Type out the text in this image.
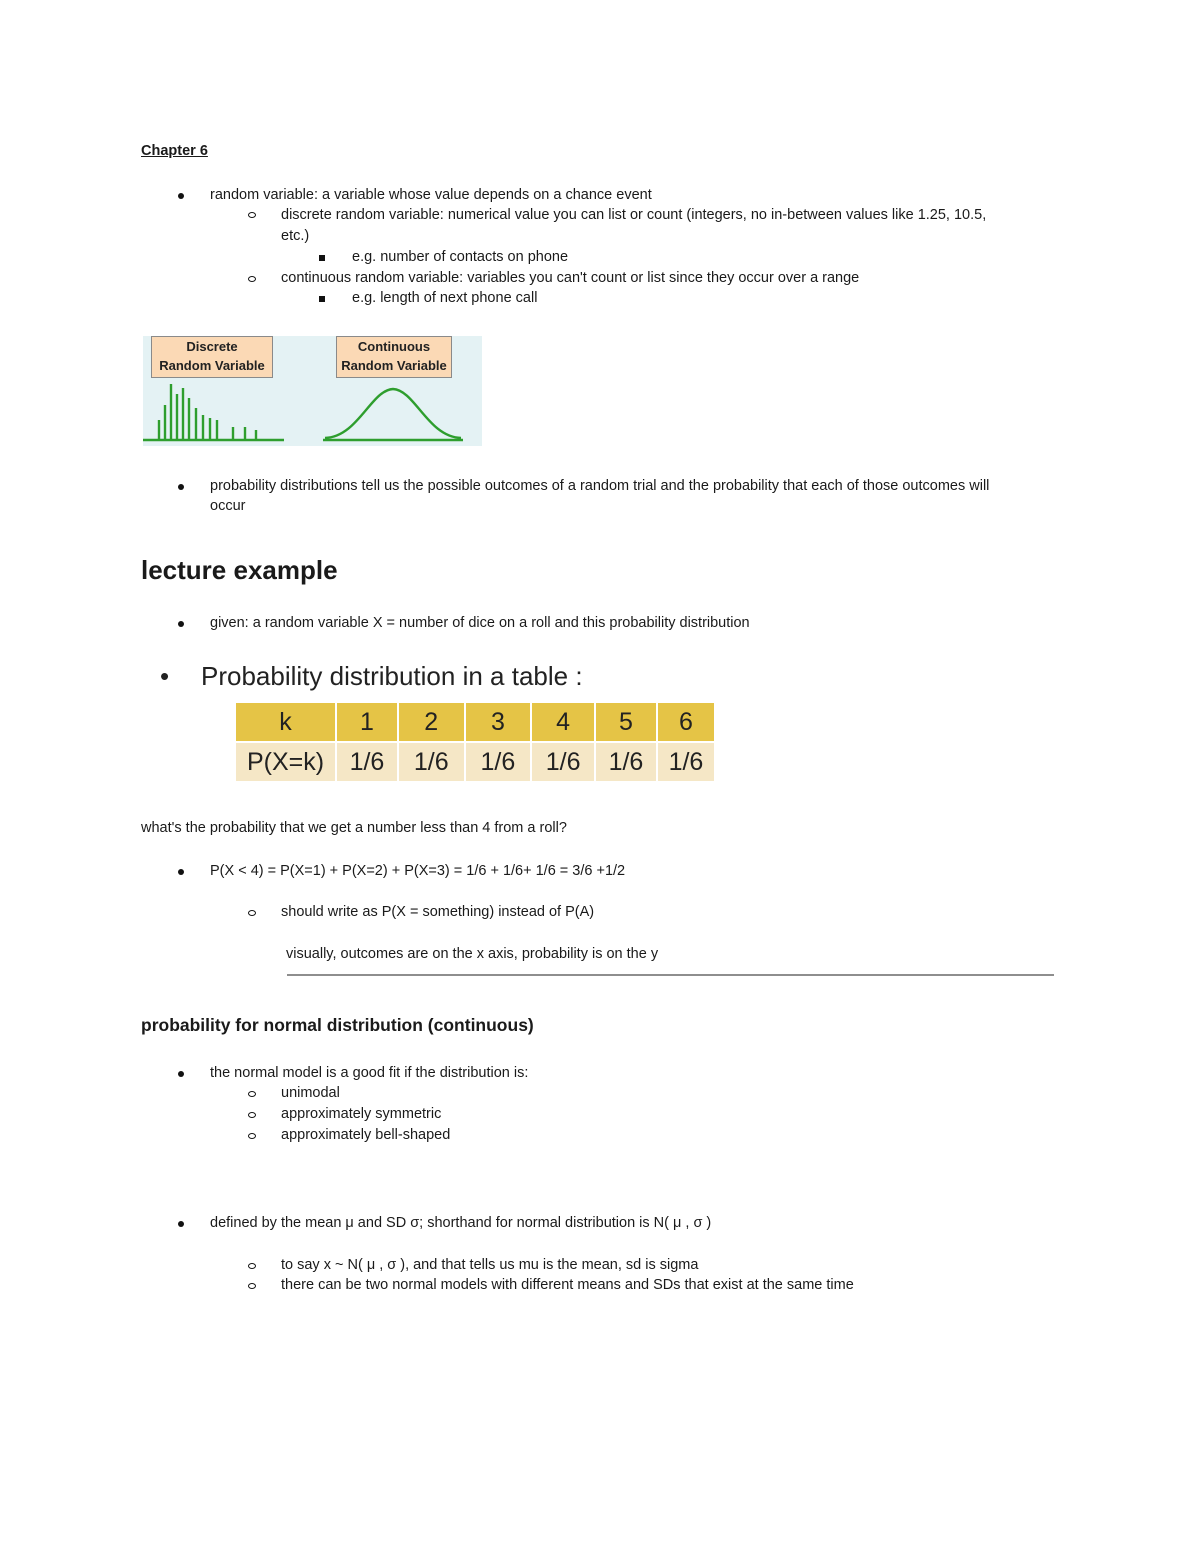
Chapter 6
random variable: a variable whose value depends on a chance event
discrete random variable: numerical value you can list or count (integers, no in-between values like 1.25, 10.5,
etc.)
e.g. number of contacts on phone
continuous random variable: variables you can't count or list since they occur over a range
e.g. length of next phone call
Discrete
Random Variable
Continuous
Random Variable
probability distributions tell us the possible outcomes of a random trial and the probability that each of those outcomes will
occur
lecture example
given: a random variable X = number of dice on a roll and this probability distribution
• Probability distribution in a table :
k	1	2	3	4	5	6
P(X=k)	1/6	1/6	1/6	1/6	1/6	1/6
what's the probability that we get a number less than 4 from a roll?
P(X < 4) = P(X=1) + P(X=2) + P(X=3) = 1/6 + 1/6+ 1/6 = 3/6 +1/2
should write as P(X = something) instead of P(A)
visually, outcomes are on the x axis, probability is on the y
probability for normal distribution (continuous)
the normal model is a good fit if the distribution is:
unimodal
approximately symmetric
approximately bell-shaped
defined by the mean μ and SD σ; shorthand for normal distribution is N( μ , σ )
to say x ~ N( μ , σ ), and that tells us mu is the mean, sd is sigma
there can be two normal models with different means and SDs that exist at the same time
